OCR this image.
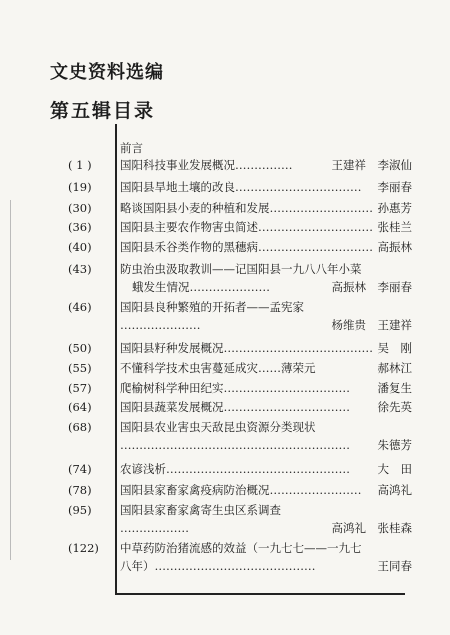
文史资料选编
第五辑目录
前言
( 1 )	国阳科技事业发展概况……………	王建祥　李淑仙
(19)	国阳县旱地土壤的改良…………………………… 李丽春
(30)	略谈国阳县小麦的种植和发展……………………… 孙惠芳
(36)	国阳县主要农作物害虫简述………………………… 张桂兰
(40)	国阳县禾谷类作物的黑穗病………………………… 高振林
(43)	防虫治虫汲取教训——记国阳县一九八八年小菜
蛾发生情况…………………	高振林　李丽春
(46)	国阳县良种繁殖的开拓者——孟宪家
…………………	杨维贵　王建祥
(50)	国阳县籽种发展概况………………………………… 吴　刚
(55)	不懂科学技术虫害蔓延成灾……薄荣元	郝林江
(57)	爬榆树科学种田纪实…………………………… 潘复生
(64)	国阳县蔬菜发展概况…………………………… 徐先英
(68)	国阳县农业害虫天敌昆虫资源分类现状
…………………………………………………… 朱德芳
(74)	农谚浅析………………………………………… 大　田
(78)	国阳县家畜家禽疫病防治概况…………………… 高鸿礼
(95)	国阳县家畜家禽寄生虫区系调查
………………	高鸿礼　张桂森
(122)	中草药防治猪流感的效益（一九七七——一九七
八年）……………………………………	王同春
